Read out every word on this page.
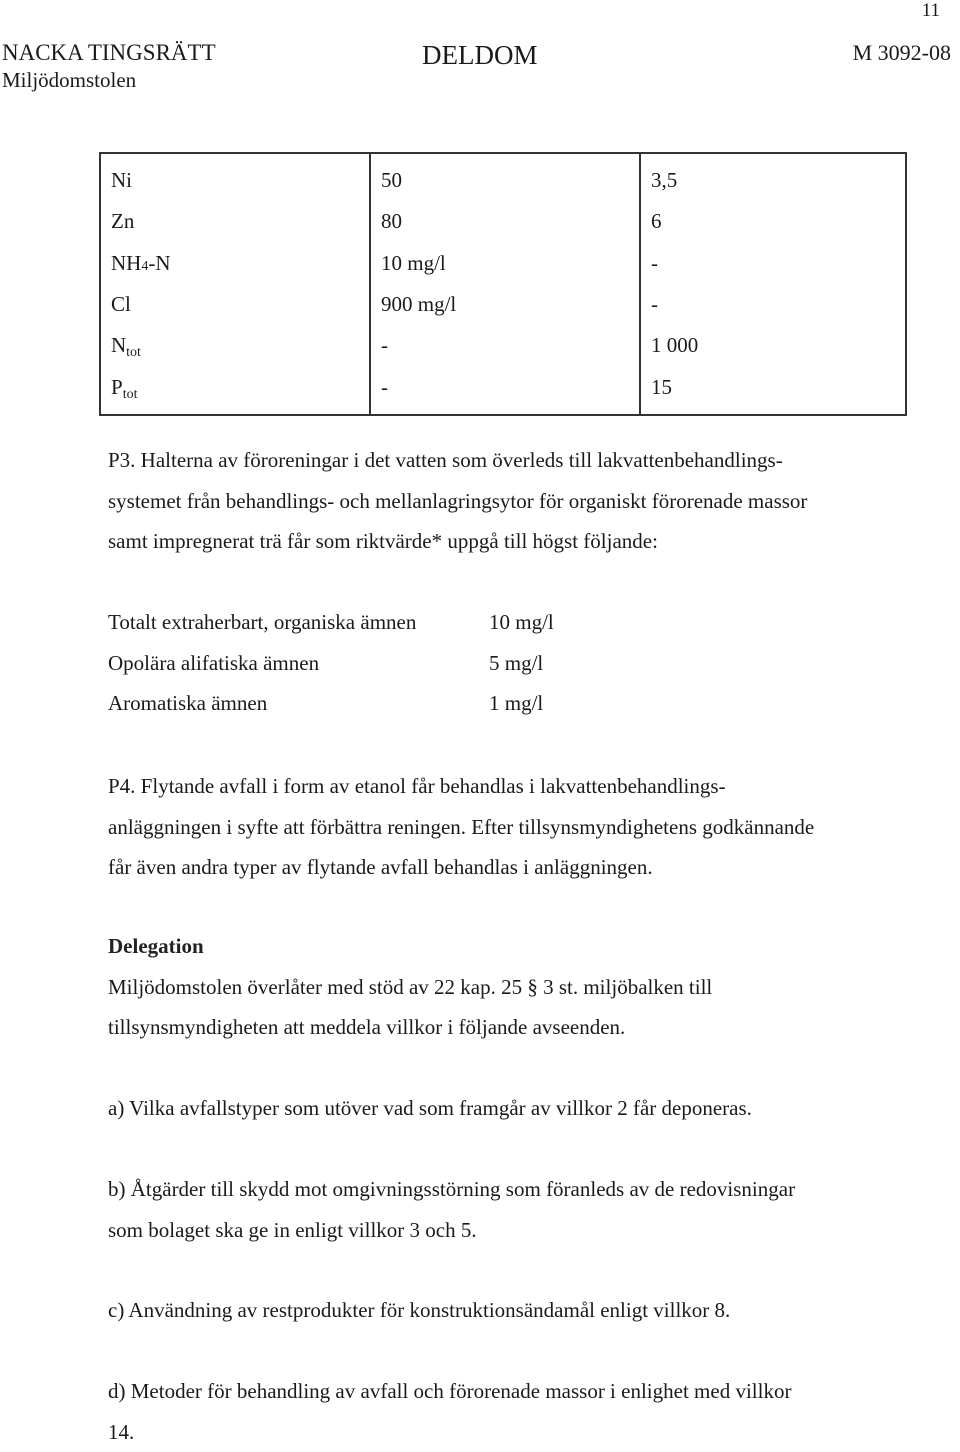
11
NACKA TINGSRÄTT
Miljödomstolen
DELDOM	M 3092-08
Ni	50	3,5
Zn	80	6
NH4-N	10 mg/l	-
Cl	900 mg/l	-
Ntot	-	1 000
Ptot	-	15
P3. Halterna av föroreningar i det vatten som överleds till lakvattenbehandlings-
systemet från behandlings- och mellanlagringsytor för organiskt förorenade massor
samt impregnerat trä får som riktvärde* uppgå till högst följande:
Totalt extraherbart, organiska ämnen	10 mg/l
Opolära alifatiska ämnen	5 mg/l
Aromatiska ämnen	1 mg/l
P4. Flytande avfall i form av etanol får behandlas i lakvattenbehandlings-
anläggningen i syfte att förbättra reningen. Efter tillsynsmyndighetens godkännande
får även andra typer av flytande avfall behandlas i anläggningen.
Delegation
Miljödomstolen överlåter med stöd av 22 kap. 25 § 3 st. miljöbalken till
tillsynsmyndigheten att meddela villkor i följande avseenden.
a) Vilka avfallstyper som utöver vad som framgår av villkor 2 får deponeras.
b) Åtgärder till skydd mot omgivningsstörning som föranleds av de redovisningar
som bolaget ska ge in enligt villkor 3 och 5.
c) Användning av restprodukter för konstruktionsändamål enligt villkor 8.
d) Metoder för behandling av avfall och förorenade massor i enlighet med villkor
14.
